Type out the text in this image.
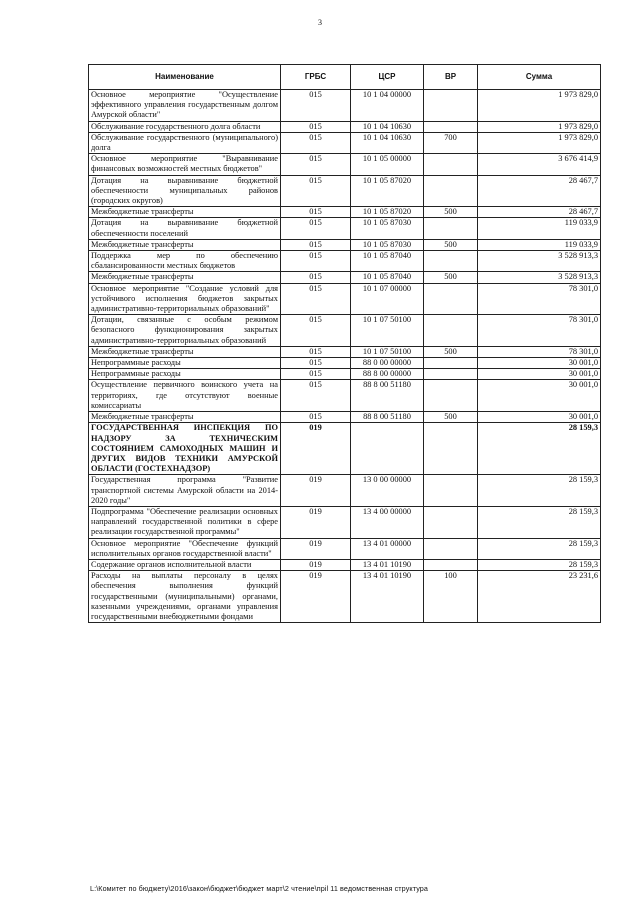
3
Наименование	ГРБС	ЦСР	ВР	Сумма
Основное мероприятие "Осуществление эффективного управления государственным долгом Амурской области"	015	10 1 04 00000		1 973 829,0
Обслуживание государственного долга области	015	10 1 04 10630		1 973 829,0
Обслуживание государственного (муниципального) долга	015	10 1 04 10630	700	1 973 829,0
Основное мероприятие "Выравнивание финансовых возможностей местных бюджетов"	015	10 1 05 00000		3 676 414,9
Дотация на выравнивание бюджетной обеспеченности муниципальных районов (городских округов)	015	10 1 05 87020		28 467,7
Межбюджетные трансферты	015	10 1 05 87020	500	28 467,7
Дотация на выравнивание бюджетной обеспеченности поселений	015	10 1 05 87030		119 033,9
Межбюджетные трансферты	015	10 1 05 87030	500	119 033,9
Поддержка мер по обеспечению сбалансированности местных бюджетов	015	10 1 05 87040		3 528 913,3
Межбюджетные трансферты	015	10 1 05 87040	500	3 528 913,3
Основное мероприятие "Создание условий для устойчивого исполнения бюджетов закрытых административно-территориальных образований"	015	10 1 07 00000		78 301,0
Дотации, связанные с особым режимом безопасного функционирования закрытых административно-территориальных образований	015	10 1 07 50100		78 301,0
Межбюджетные трансферты	015	10 1 07 50100	500	78 301,0
Непрограммные расходы	015	88 0 00 00000		30 001,0
Непрограммные расходы	015	88 8 00 00000		30 001,0
Осуществление первичного воинского учета на территориях, где отсутствуют военные комиссариаты	015	88 8 00 51180		30 001,0
Межбюджетные трансферты	015	88 8 00 51180	500	30 001,0
ГОСУДАРСТВЕННАЯ ИНСПЕКЦИЯ ПО НАДЗОРУ ЗА ТЕХНИЧЕСКИМ СОСТОЯНИЕМ САМОХОДНЫХ МАШИН И ДРУГИХ ВИДОВ ТЕХНИКИ АМУРСКОЙ ОБЛАСТИ (ГОСТЕХНАДЗОР)	019			28 159,3
Государственная программа "Развитие транспортной системы Амурской области на 2014-2020 годы"	019	13 0 00 00000		28 159,3
Подпрограмма "Обеспечение реализации основных направлений государственной политики в сфере реализации государственной программы"	019	13 4 00 00000		28 159,3
Основное мероприятие "Обеспечение функций исполнительных органов государственной власти"	019	13 4 01 00000		28 159,3
Содержание органов исполнительной власти	019	13 4 01 10190		28 159,3
Расходы на выплаты персоналу в целях обеспечения выполнения функций государственными (муниципальными) органами, казенными учреждениями, органами управления государственными внебюджетными фондами	019	13 4 01 10190	100	23 231,6
L:\Комитет по бюджету\2016\закон\бюджет\бюджет март\2 чтение\прil 11 ведомственная структура
